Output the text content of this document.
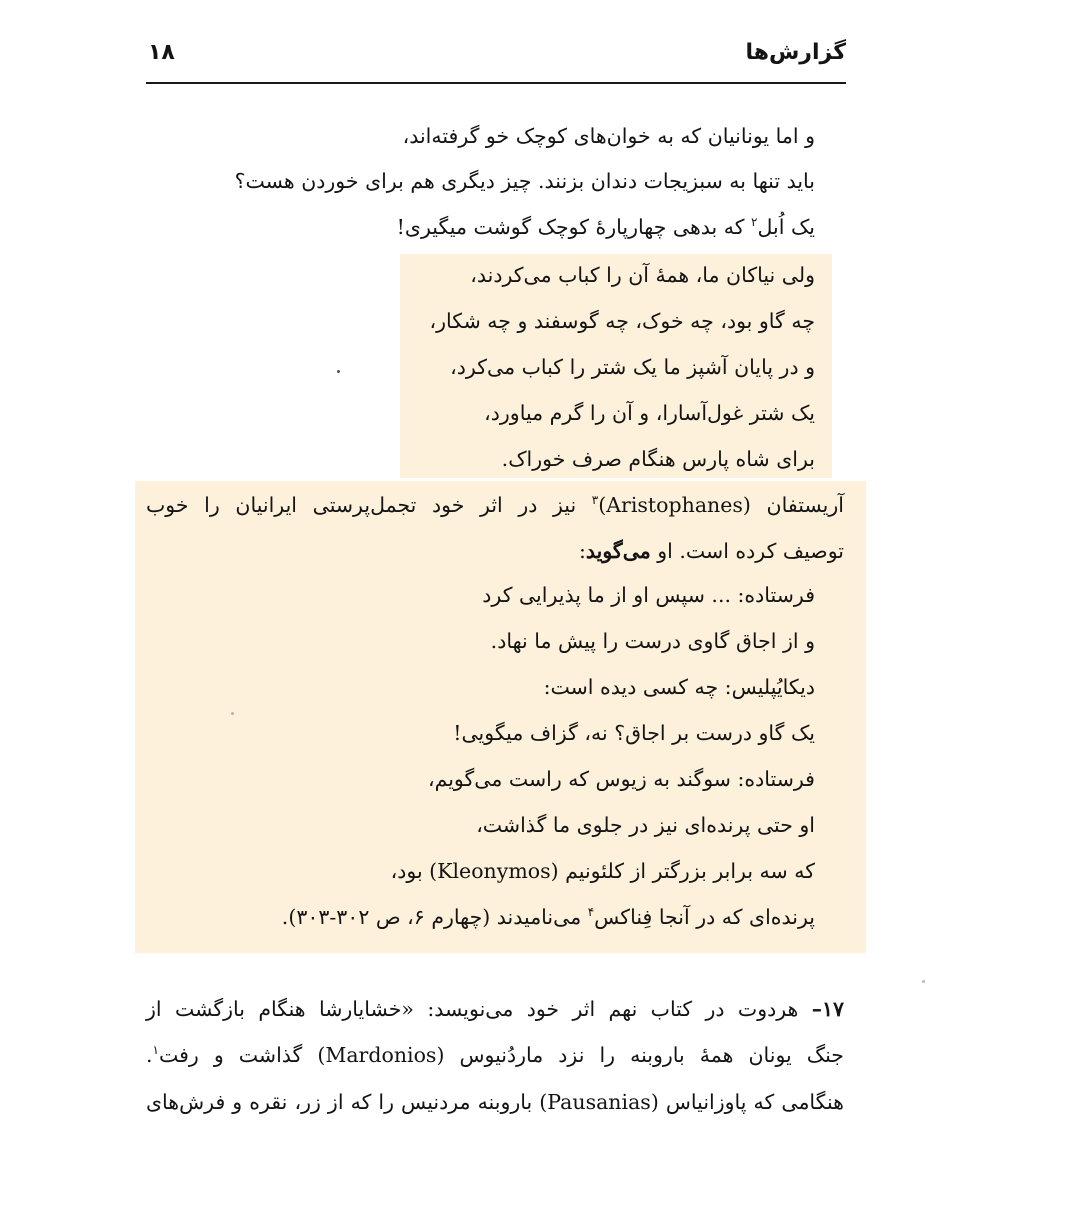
گزارش‌ها
۱۸
و اما یونانیان که به خوان‌های کوچک خو گرفته‌اند،
باید تنها به سبزیجات دندان بزنند. چیز دیگری هم برای خوردن هست؟
یک اُبل$^۲$ که بدهی چهارپارهٔ کوچک گوشت میگیری!
ولی نیاکان ما، همهٔ آن را کباب می‌کردند،
چه گاو بود، چه خوک، چه گوسفند و چه شکار،
و در پایان آشپز ما یک شتر را کباب می‌کرد،
یک شتر غول‌آسارا، و آن را گرم میاورد،
برای شاه پارس هنگام صرف خوراک.
آریستفان (Aristophanes)$^۳$ نیز در اثر خود تجمل‌پرستی ایرانیان را خوب
توصیف کرده است. او می‌گوید:
فرستاده: ... سپس او از ما پذیرایی کرد
و از اجاق گاوی درست را پیش ما نهاد.
دیکایُپلیس: چه کسی دیده است:
یک گاو درست بر اجاق؟ نه، گزاف میگویی!
فرستاده: سوگند به زیوس که راست می‌گویم،
او حتی پرنده‌ای نیز در جلوی ما گذاشت،
که سه برابر بزرگتر از کلئونیم (Kleonymos) بود،
پرنده‌ای که در آنجا فِناکس$^۴$ می‌نامیدند (چهارم ۶، ص ۳۰۲-۳۰۳).
۱۷– هردوت در کتاب نهم اثر خود می‌نویسد: «خشایارشا هنگام بازگشت از
جنگ یونان همهٔ باروبنه را نزد ماردُنیوس (Mardonios) گذاشت و رفت$^۱$.
هنگامی که پاوزانیاس (Pausanias) باروبنه مردنیس را که از زر، نقره و فرش‌های
